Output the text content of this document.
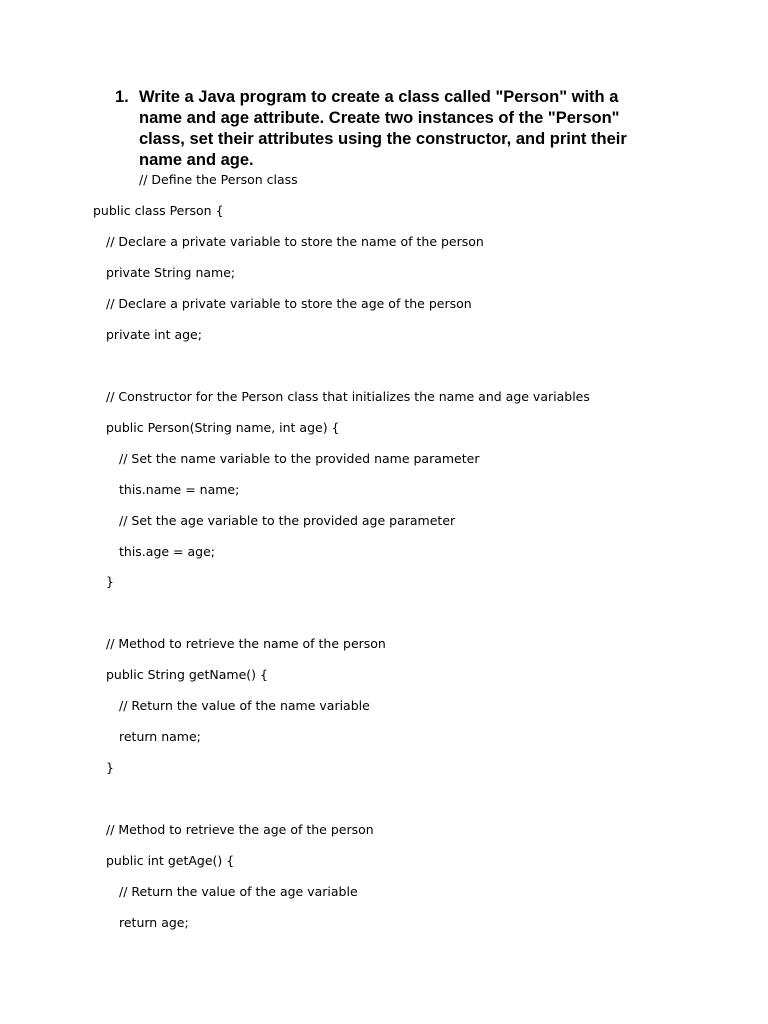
1. Write a Java program to create a class called "Person" with a name and age attribute. Create two instances of the "Person" class, set their attributes using the constructor, and print their name and age.
// Define the Person class
public class Person {
// Declare a private variable to store the name of the person
private String name;
// Declare a private variable to store the age of the person
private int age;
// Constructor for the Person class that initializes the name and age variables
public Person(String name, int age) {
// Set the name variable to the provided name parameter
this.name = name;
// Set the age variable to the provided age parameter
this.age = age;
}
// Method to retrieve the name of the person
public String getName() {
// Return the value of the name variable
return name;
}
// Method to retrieve the age of the person
public int getAge() {
// Return the value of the age variable
return age;
